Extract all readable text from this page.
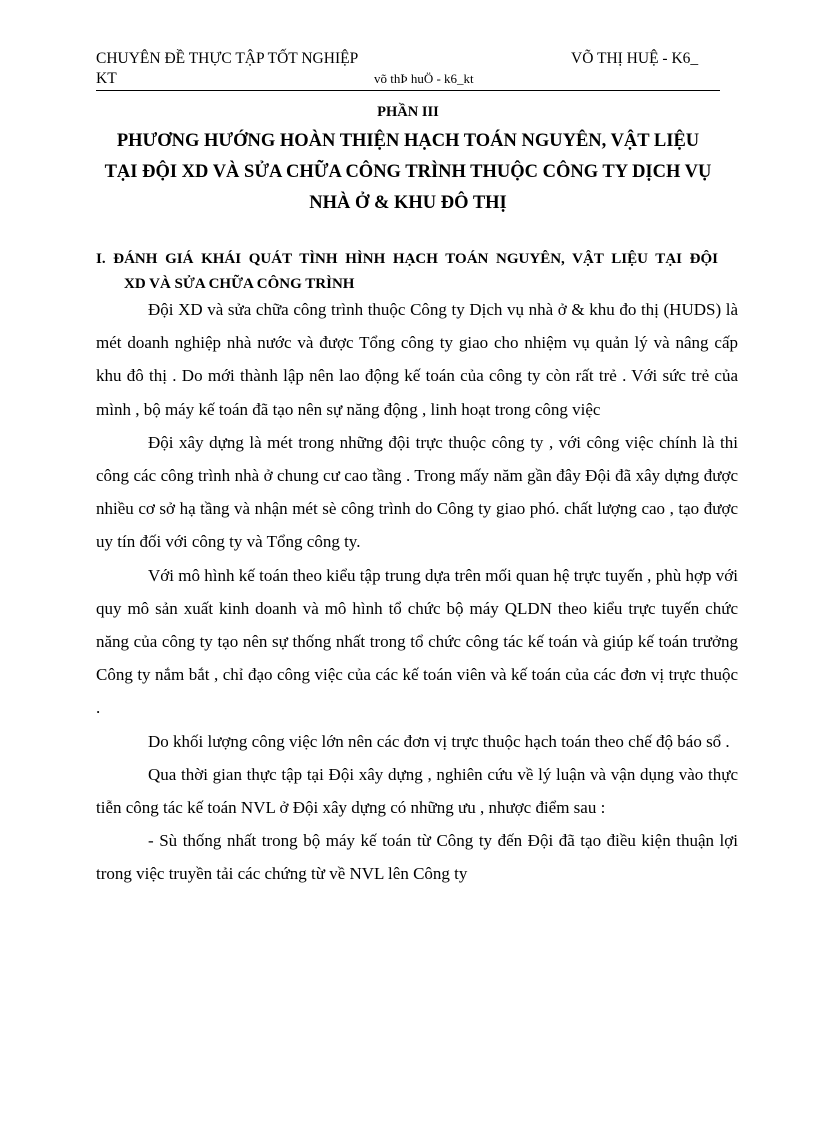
CHUYÊN ĐỀ THỰC TẬP TỐT NGHIỆP	VÕ THỊ HUỆ - K6_
KT	võ thÞ huÖ - k6_kt
PHẦN III
PHƯƠNG HƯỚNG HOÀN THIỆN HẠCH TOÁN NGUYÊN, VẬT LIỆU
TẠI ĐỘI XD VÀ SỬA CHỮA CÔNG TRÌNH THUỘC CÔNG TY DỊCH VỤ
NHÀ Ở & KHU ĐÔ THỊ
I. ĐÁNH GIÁ KHÁI QUÁT TÌNH HÌNH HẠCH TOÁN NGUYÊN, VẬT LIỆU TẠI ĐỘI
XD VÀ SỬA CHỮA CÔNG TRÌNH

Đội XD và sửa chữa công trình thuộc Công ty Dịch vụ nhà ở & khu đo thị (HUDS) là mét doanh nghiệp nhà nước và được Tổng công ty giao cho nhiệm vụ quản lý và nâng cấp khu đô thị . Do mới thành lập nên lao động kế toán của công ty còn rất trẻ . Với sức trẻ của mình , bộ máy kế toán đã tạo nên sự năng động , linh hoạt trong công việc

Đội xây dựng là mét trong những đội trực thuộc công ty , với công việc chính là thi công các công trình nhà ở chung cư cao tầng . Trong mấy năm gần đây Đội đã xây dựng được nhiều cơ sở hạ tầng và nhận mét sè công trình do Công ty giao phó. chất lượng cao , tạo được uy tín đối với công ty và Tổng công ty.

Với mô hình kế toán theo kiểu tập trung dựa trên mối quan hệ trực tuyến , phù hợp với quy mô sản xuất kinh doanh và mô hình tổ chức bộ máy QLDN theo kiểu trực tuyến chức năng của công ty tạo nên sự thống nhất trong tổ chức công tác kế toán và giúp kế toán trưởng Công ty nắm bắt , chỉ đạo công việc của các kế toán viên và kế toán của các đơn vị trực thuộc .

Do khối lượng công việc lớn nên các đơn vị trực thuộc hạch toán theo chế độ báo sổ .

Qua thời gian thực tập tại Đội xây dựng , nghiên cứu về lý luận và vận dụng vào thực tiễn công tác kế toán NVL ở Đội xây dựng có những ưu , nhược điểm sau :

- Sù thống nhất trong bộ máy kế toán từ Công ty đến Đội đã tạo điều kiện thuận lợi trong việc truyền tải các chứng từ về NVL lên Công ty
